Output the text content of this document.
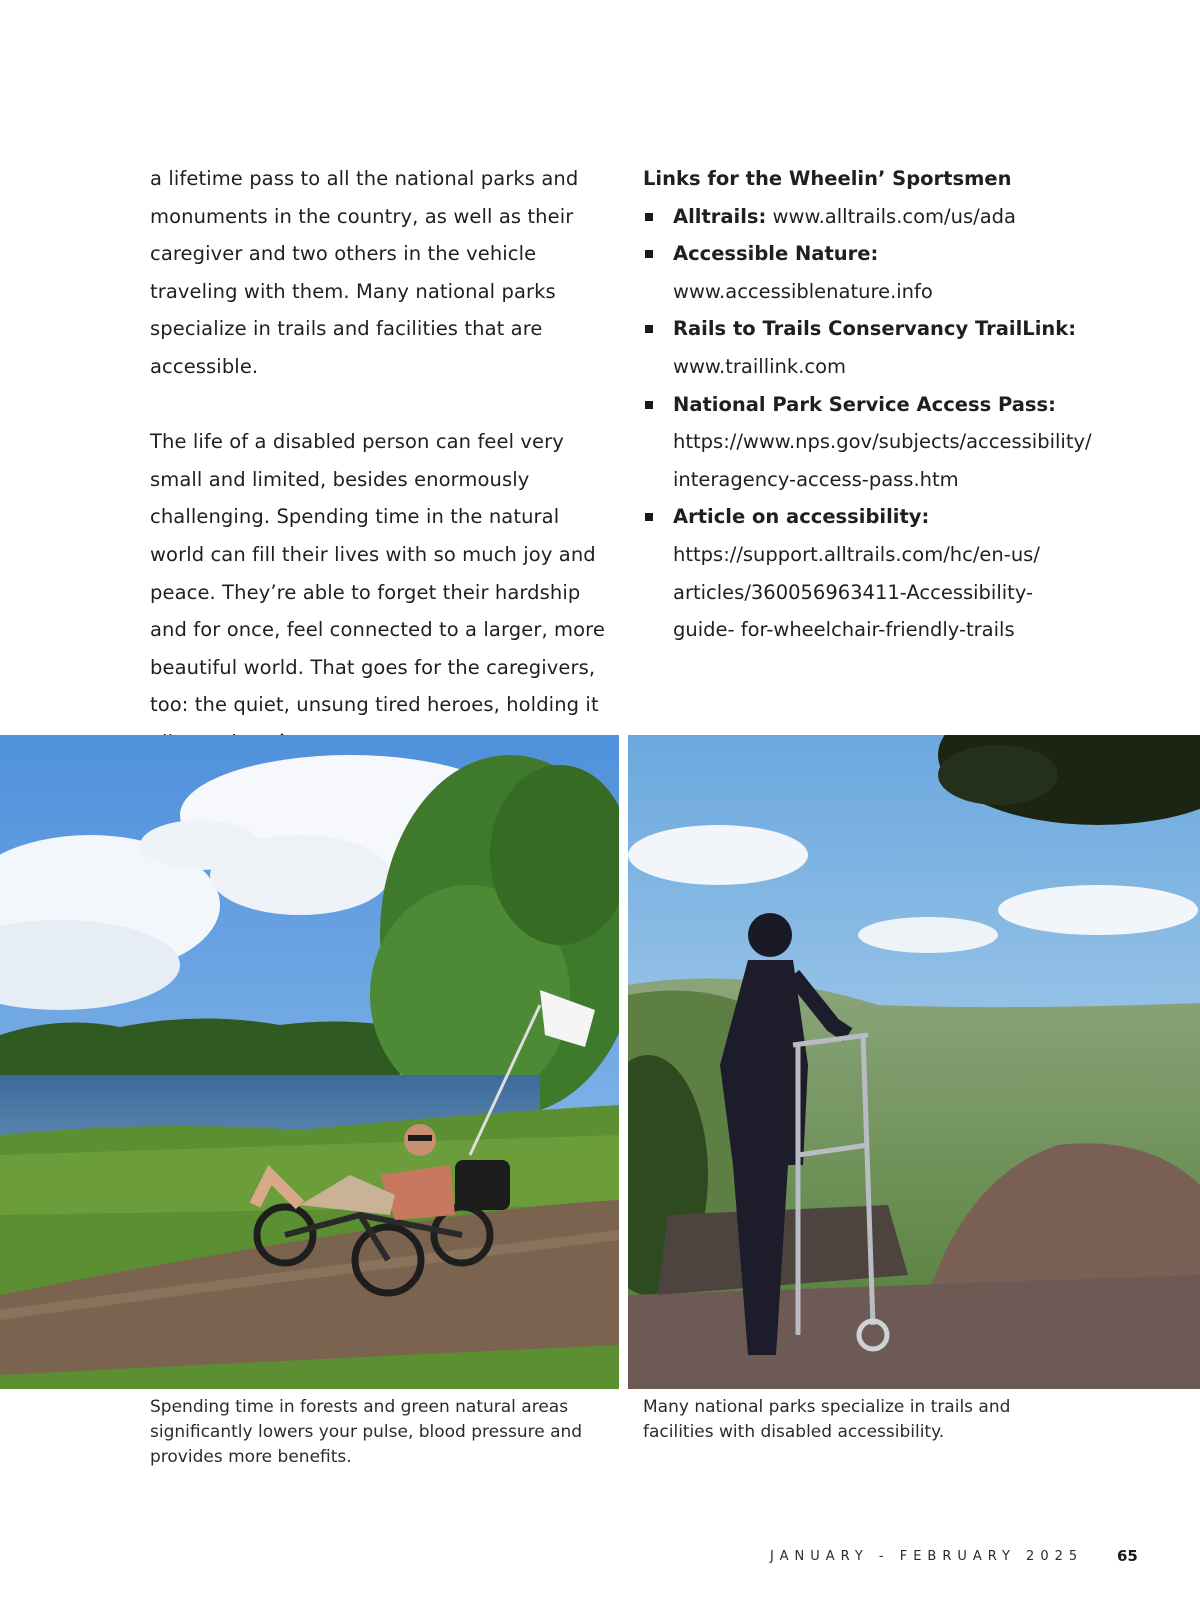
a lifetime pass to all the national parks and monuments in the country, as well as their caregiver and two others in the vehicle traveling with them. Many national parks specialize in trails and facilities that are accessible.

The life of a disabled person can feel very small and limited, besides enormously challenging. Spending time in the natural world can fill their lives with so much joy and peace. They’re able to forget their hardship and for once, feel connected to a larger, more beautiful world. That goes for the caregivers, too: the quiet, unsung tired heroes, holding it

Links for the Wheelin’ Sportsmen

Alltrails: www.alltrails.com/us/ada
Accessible Nature:
www.accessiblenature.info
Rails to Trails Conservancy TrailLink:
www.traillink.com
National Park Service Access Pass:
https://www.nps.gov/subjects/accessibility/ interagency-access-pass.htm
Article on accessibility:
https://support.alltrails.com/hc/en-us/ articles/360056963411-Accessibility-guide- for-wheelchair-friendly-trails

Spending time in forests and green natural areas significantly lowers your pulse, blood pressure and provides more benefits.

Many national parks specialize in trails and facilities with disabled accessibility.

JANUARY - FEBRUARY 2025 65
